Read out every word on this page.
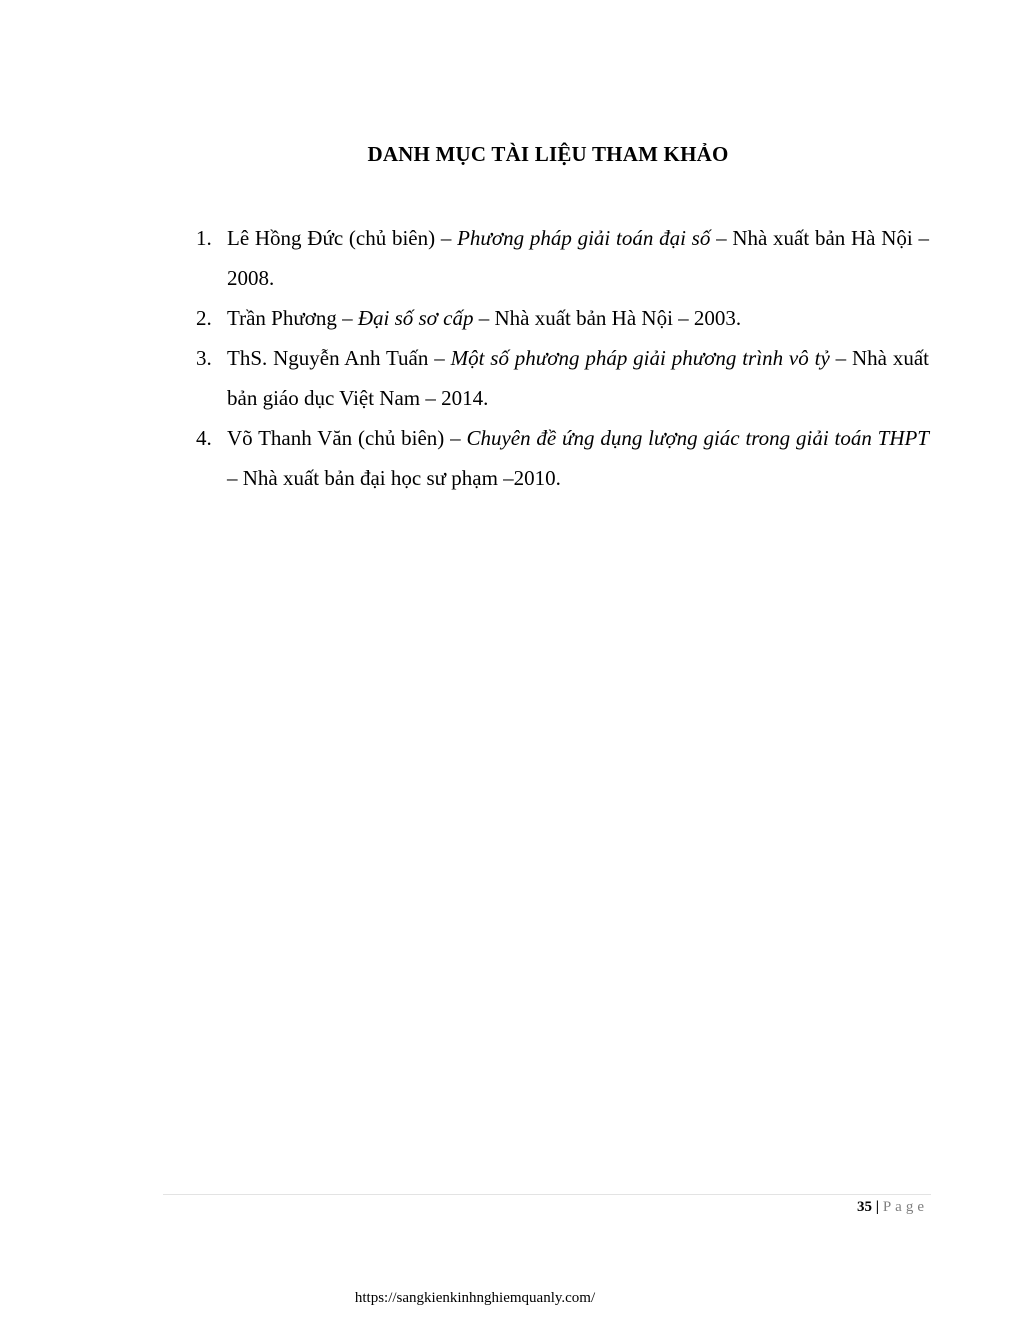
DANH MỤC TÀI LIỆU THAM KHẢO
1. Lê Hồng Đức (chủ biên) – Phương pháp giải toán đại số – Nhà xuất bản Hà Nội – 2008.
2. Trần Phương – Đại số sơ cấp – Nhà xuất bản Hà Nội – 2003.
3. ThS. Nguyễn Anh Tuấn – Một số phương pháp giải phương trình vô tỷ – Nhà xuất bản giáo dục Việt Nam – 2014.
4. Võ Thanh Văn (chủ biên) – Chuyên đề ứng dụng lượng giác trong giải toán THPT – Nhà xuất bản đại học sư phạm –2010.
35 | Page
https://sangkienkinhnghiemquanly.com/
